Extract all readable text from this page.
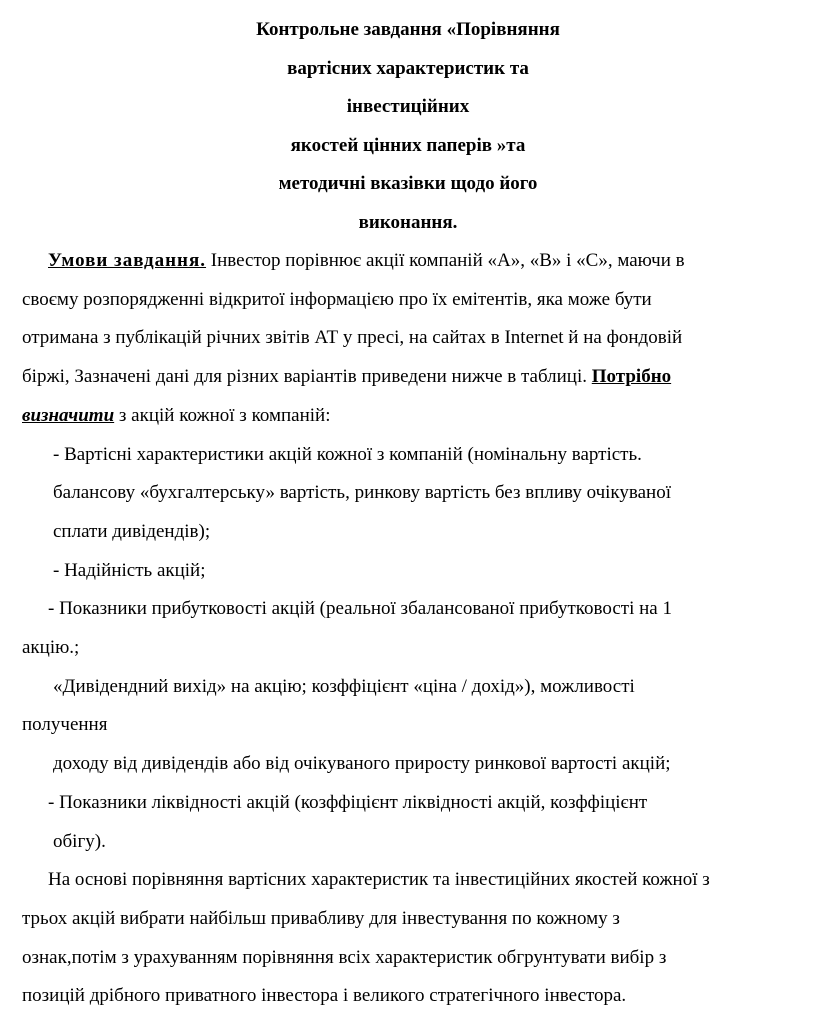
Контрольне завдання «Порівняння
вартісних характеристик та
інвестиційних
якостей цінних паперів »та
методичні вказівки щодо його
виконання.
Умови завдання. Інвестор порівнює акції компаній «А», «В» і «С», маючи в
своєму розпорядженні відкритої інформацією про їх емітентів, яка може бути
отримана з публікацій річних звітів АТ у пресі, на сайтах в Internet й на фондовій
біржі, Зазначені дані для різних варіантів приведени нижче в таблиці. Потрібно
визначити з акцій кожної з компаній:
- Вартісні характеристики акцій кожної з компаній (номінальну вартість.
балансову «бухгалтерську» вартість, ринкову вартість без впливу очікуваної
сплати дивідендів);
- Надійність акцій;
- Показники прибутковості акцій (реальної збалансованої прибутковості на 1
акцію.;
«Дивідендний вихід» на акцію; козффіцієнт «ціна / дохід»), можливості
получення
доходу від дивідендів або від очікуваного приросту ринкової вартості акцій;
- Показники ліквідності акцій (козффіцієнт ліквідності акцій, козффіцієнт
обігу).
На основі порівняння вартісних характеристик та інвестиційних якостей кожної з
трьох акцій вибрати найбільш привабливу для інвестування по кожному з
ознак,потім з урахуванням порівняння всіх характеристик обгрунтувати вибір з
позицій дрібного приватного інвестора і великого стратегічного інвестора.
